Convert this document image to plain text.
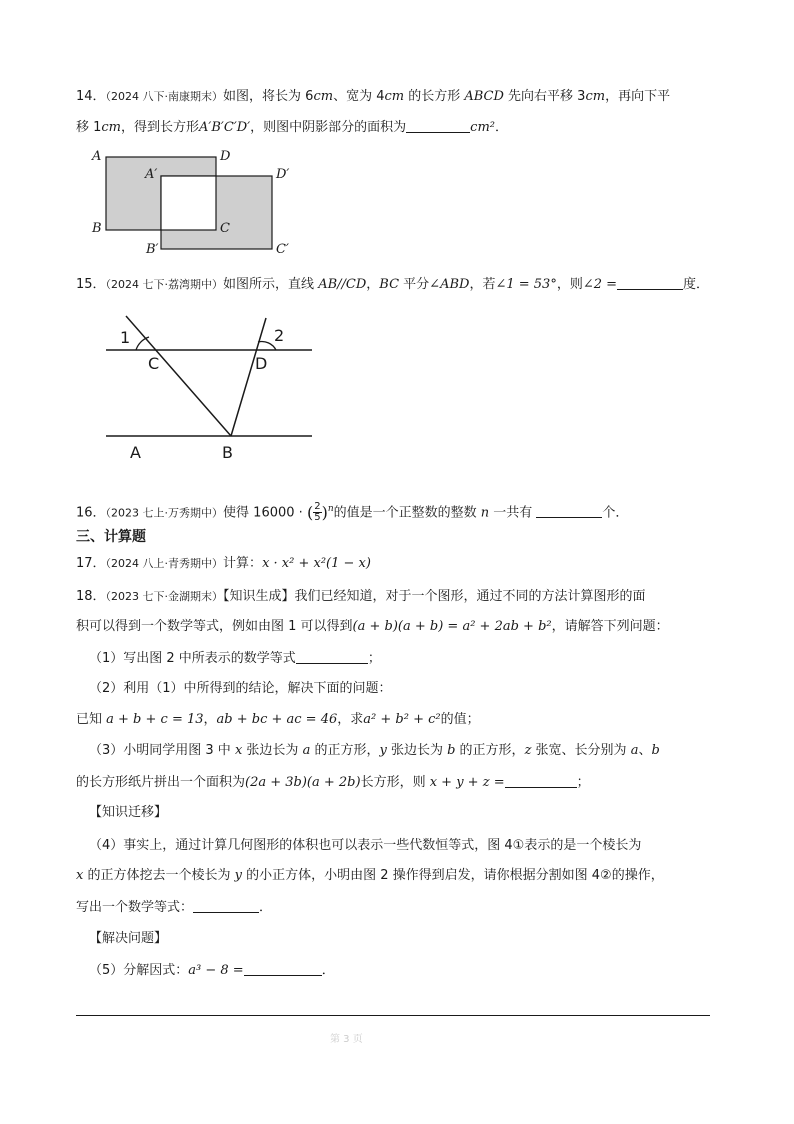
14．（2024 八下·南康期末）如图，将长为 6cm、宽为 4cm 的长方形 ABCD 先向右平移 3cm，再向下平
移 1cm，得到长方形A′B′C′D′，则图中阴影部分的面积为	cm²．
A	D
A′	D′
B	C
B′	C′
15．（2024 七下·荔湾期中）如图所示，直线 AB//CD，BC 平分∠ABD，若∠1 = 53°，则∠2 =	度．
1	2
C	D
A	B
16．（2023 七上·万秀期中）使得 16000 · ( $\frac{2}{5} )^n$的值是一个正整数的整数 n 一共有	个．
三、计算题
17．（2024 八上·青秀期中）计算：x · x² + x²(1 − x)
18．（2023 七下·金湖期末）【知识生成】我们已经知道，对于一个图形，通过不同的方法计算图形的面
积可以得到一个数学等式，例如由图 1 可以得到(a + b)(a + b) = a² + 2ab + b²，请解答下列问题：
（1）写出图 2 中所表示的数学等式	；
（2）利用（1）中所得到的结论，解决下面的问题：
已知 a + b + c = 13，ab + bc + ac = 46，求a² + b² + c²的值；
（3）小明同学用图 3 中 x 张边长为 a 的正方形，y 张边长为 b 的正方形，z 张宽、长分别为 a、b
的长方形纸片拼出一个面积为(2a + 3b)(a + 2b)长方形，则 x + y + z =	；
【知识迁移】
（4）事实上，通过计算几何图形的体积也可以表示一些代数恒等式，图 4①表示的是一个棱长为
x 的正方体挖去一个棱长为 y 的小正方体，小明由图 2 操作得到启发，请你根据分割如图 4②的操作，
写出一个数学等式：	．
【解决问题】
（5）分解因式：a³ − 8 =	．
第 3 页
